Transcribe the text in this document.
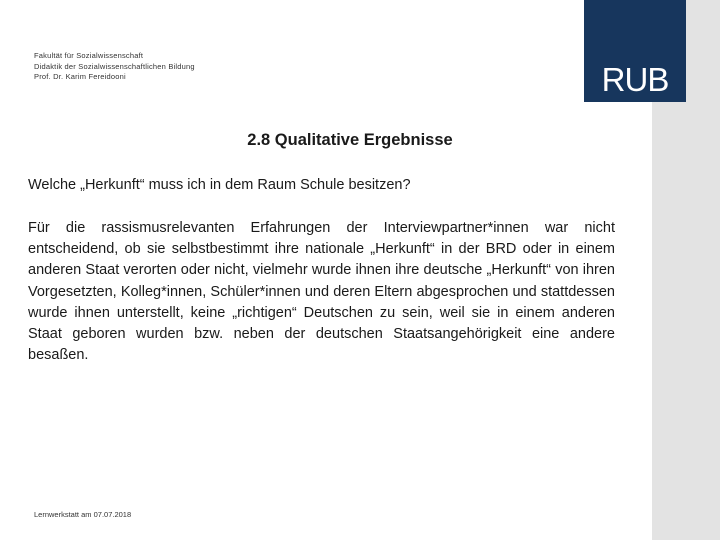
RUB
Fakultät für Sozialwissenschaft
Didaktik der Sozialwissenschaftlichen Bildung
Prof. Dr. Karim Fereidooni
2.8 Qualitative Ergebnisse
Welche „Herkunft“ muss ich in dem Raum Schule besitzen?
Für die rassismusrelevanten Erfahrungen der Interviewpartner*innen war nicht entscheidend, ob sie selbstbestimmt ihre nationale „Herkunft“ in der BRD oder in einem anderen Staat verorten oder nicht, vielmehr wurde ihnen ihre deutsche „Herkunft“ von ihren Vorgesetzten, Kolleg*innen, Schüler*innen und deren Eltern abgesprochen und stattdessen wurde ihnen unterstellt, keine „richtigen“ Deutschen zu sein, weil sie in einem anderen Staat geboren wurden bzw. neben der deutschen Staatsangehörigkeit eine andere besaßen.
Lernwerkstatt am 07.07.2018
